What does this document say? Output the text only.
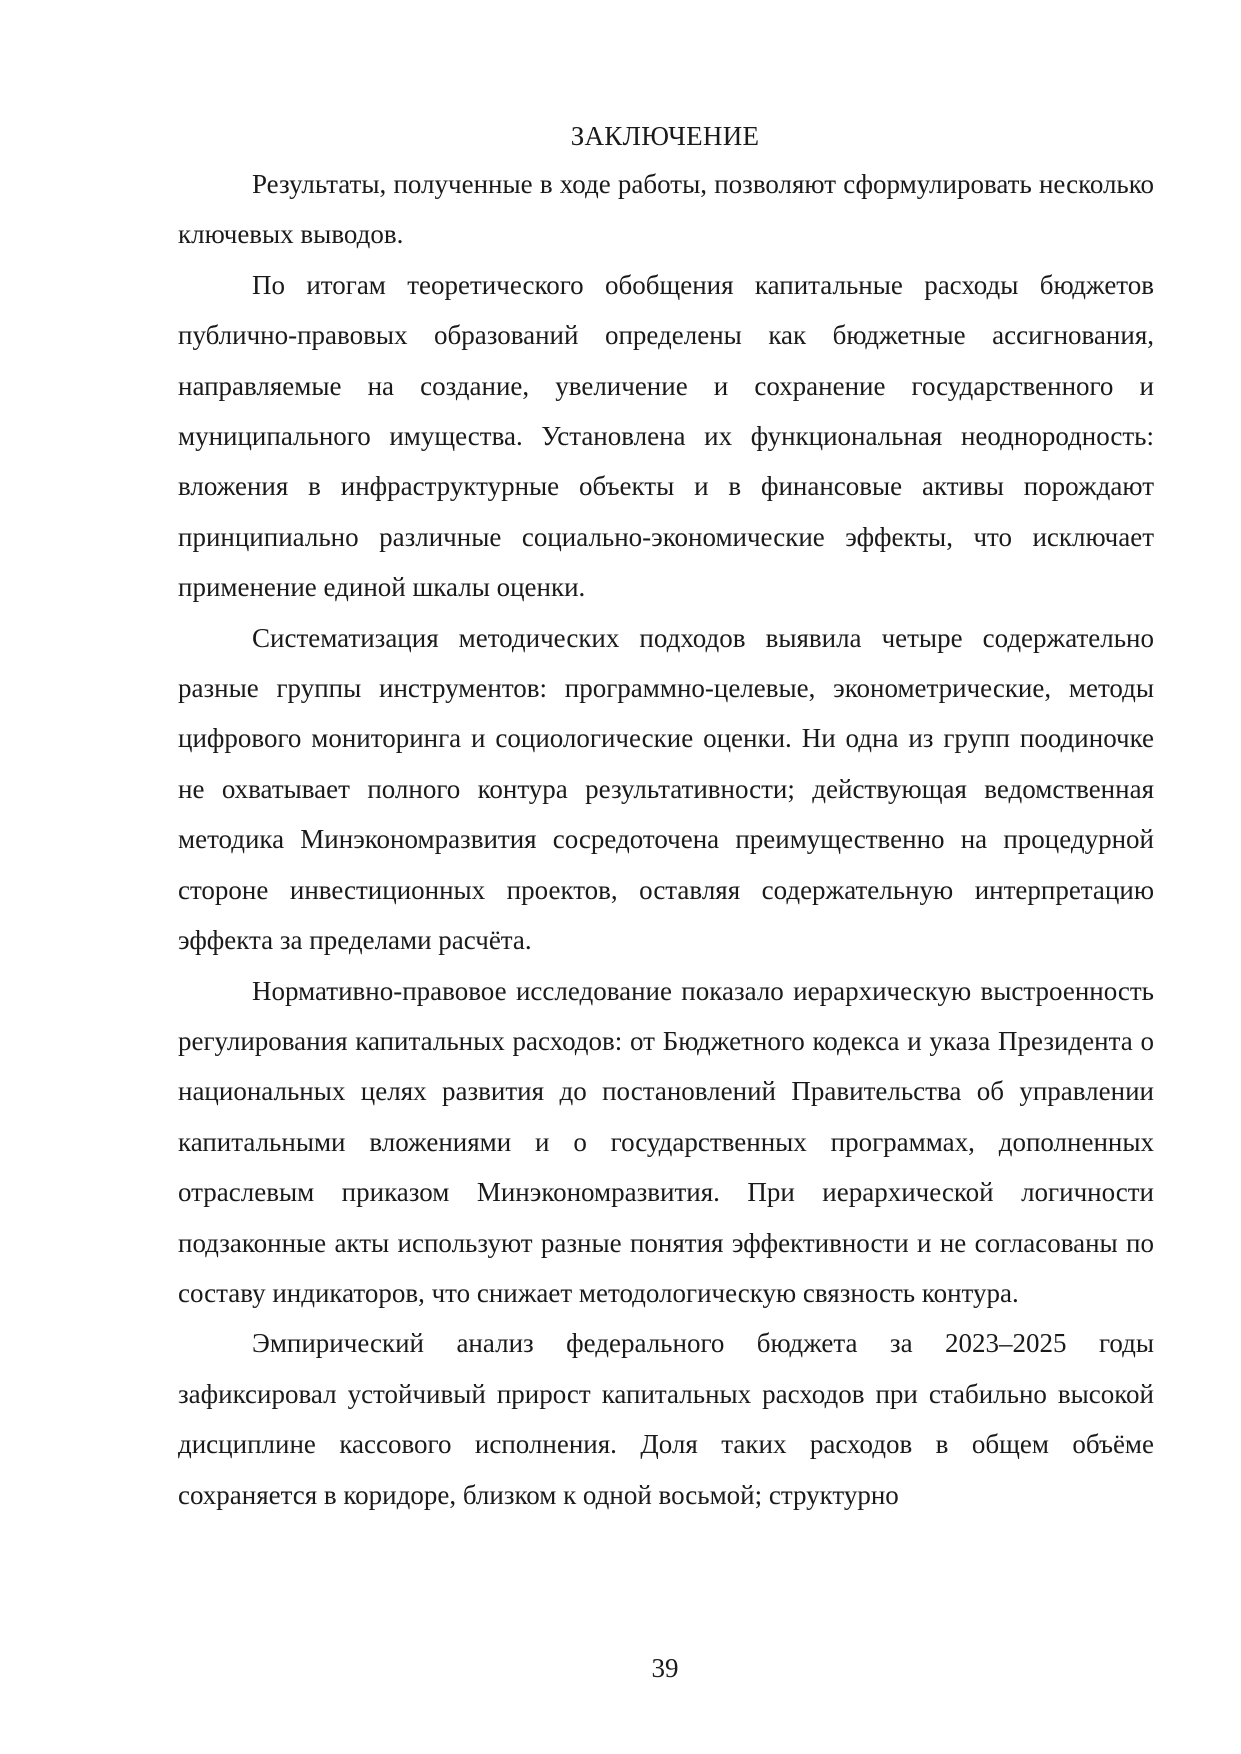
ЗАКЛЮЧЕНИЕ

Результаты, полученные в ходе работы, позволяют сформулировать несколько ключевых выводов.

По итогам теоретического обобщения капитальные расходы бюджетов публично-правовых образований определены как бюджетные ассигнования, направляемые на создание, увеличение и сохранение государственного и муниципального имущества. Установлена их функциональная неоднородность: вложения в инфраструктурные объекты и в финансовые активы порождают принципиально различные социально-экономические эффекты, что исключает применение единой шкалы оценки.

Систематизация методических подходов выявила четыре содержательно разные группы инструментов: программно-целевые, эконометрические, методы цифрового мониторинга и социологические оценки. Ни одна из групп поодиночке не охватывает полного контура результативности; действующая ведомственная методика Минэкономразвития сосредоточена преимущественно на процедурной стороне инвестиционных проектов, оставляя содержательную интерпретацию эффекта за пределами расчёта.

Нормативно-правовое исследование показало иерархическую выстроенность регулирования капитальных расходов: от Бюджетного кодекса и указа Президента о национальных целях развития до постановлений Правительства об управлении капитальными вложениями и о государственных программах, дополненных отраслевым приказом Минэкономразвития. При иерархической логичности подзаконные акты используют разные понятия эффективности и не согласованы по составу индикаторов, что снижает методологическую связность контура.

Эмпирический анализ федерального бюджета за 2023–2025 годы зафиксировал устойчивый прирост капитальных расходов при стабильно высокой дисциплине кассового исполнения. Доля таких расходов в общем объёме сохраняется в коридоре, близком к одной восьмой; структурно

39
